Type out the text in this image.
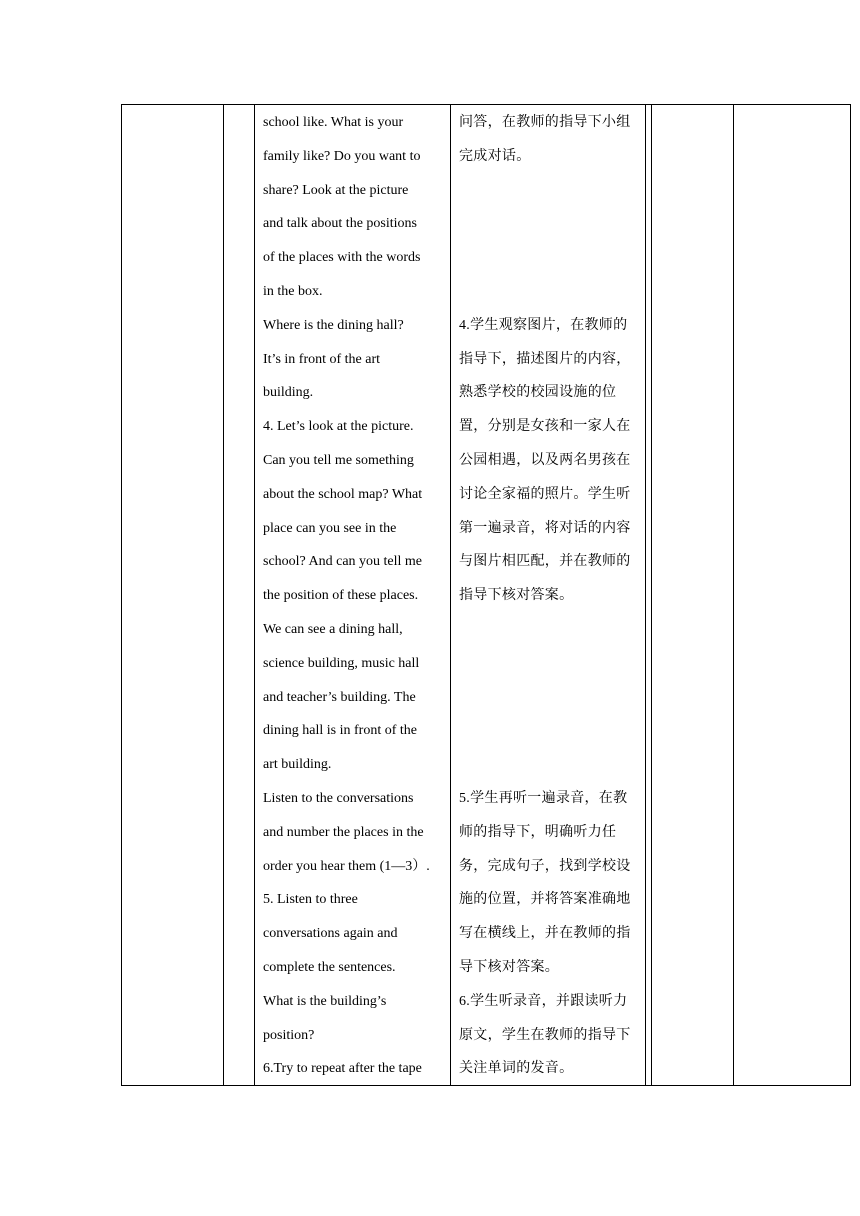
school like. What is your

family like? Do you want to

share? Look at the picture

and talk about the positions

of the places with the words

in the box.

Where is the dining hall?

It’s in front of the art

building.

4. Let’s look at the picture.

Can you tell me something

about the school map? What

place can you see in the

school? And can you tell me

the position of these places.

We can see a dining hall,

science building, music hall

and teacher’s building. The

dining hall is in front of the

art building.

Listen to the conversations

and number the places in the

order you hear them (1—3）.

5. Listen to three

conversations again and

complete the sentences.

What is the building’s

position?

6.Try to repeat after the tape

问答，在教师的指导下小组

完成对话。

4.学生观察图片，在教师的

指导下，描述图片的内容，

熟悉学校的校园设施的位

置，分别是女孩和一家人在

公园相遇，以及两名男孩在

讨论全家福的照片。学生听

第一遍录音，将对话的内容

与图片相匹配，并在教师的

指导下核对答案。

5.学生再听一遍录音，在教

师的指导下，明确听力任

务，完成句子，找到学校设

施的位置，并将答案准确地

写在横线上，并在教师的指

导下核对答案。

6.学生听录音，并跟读听力

原文，学生在教师的指导下

关注单词的发音。
